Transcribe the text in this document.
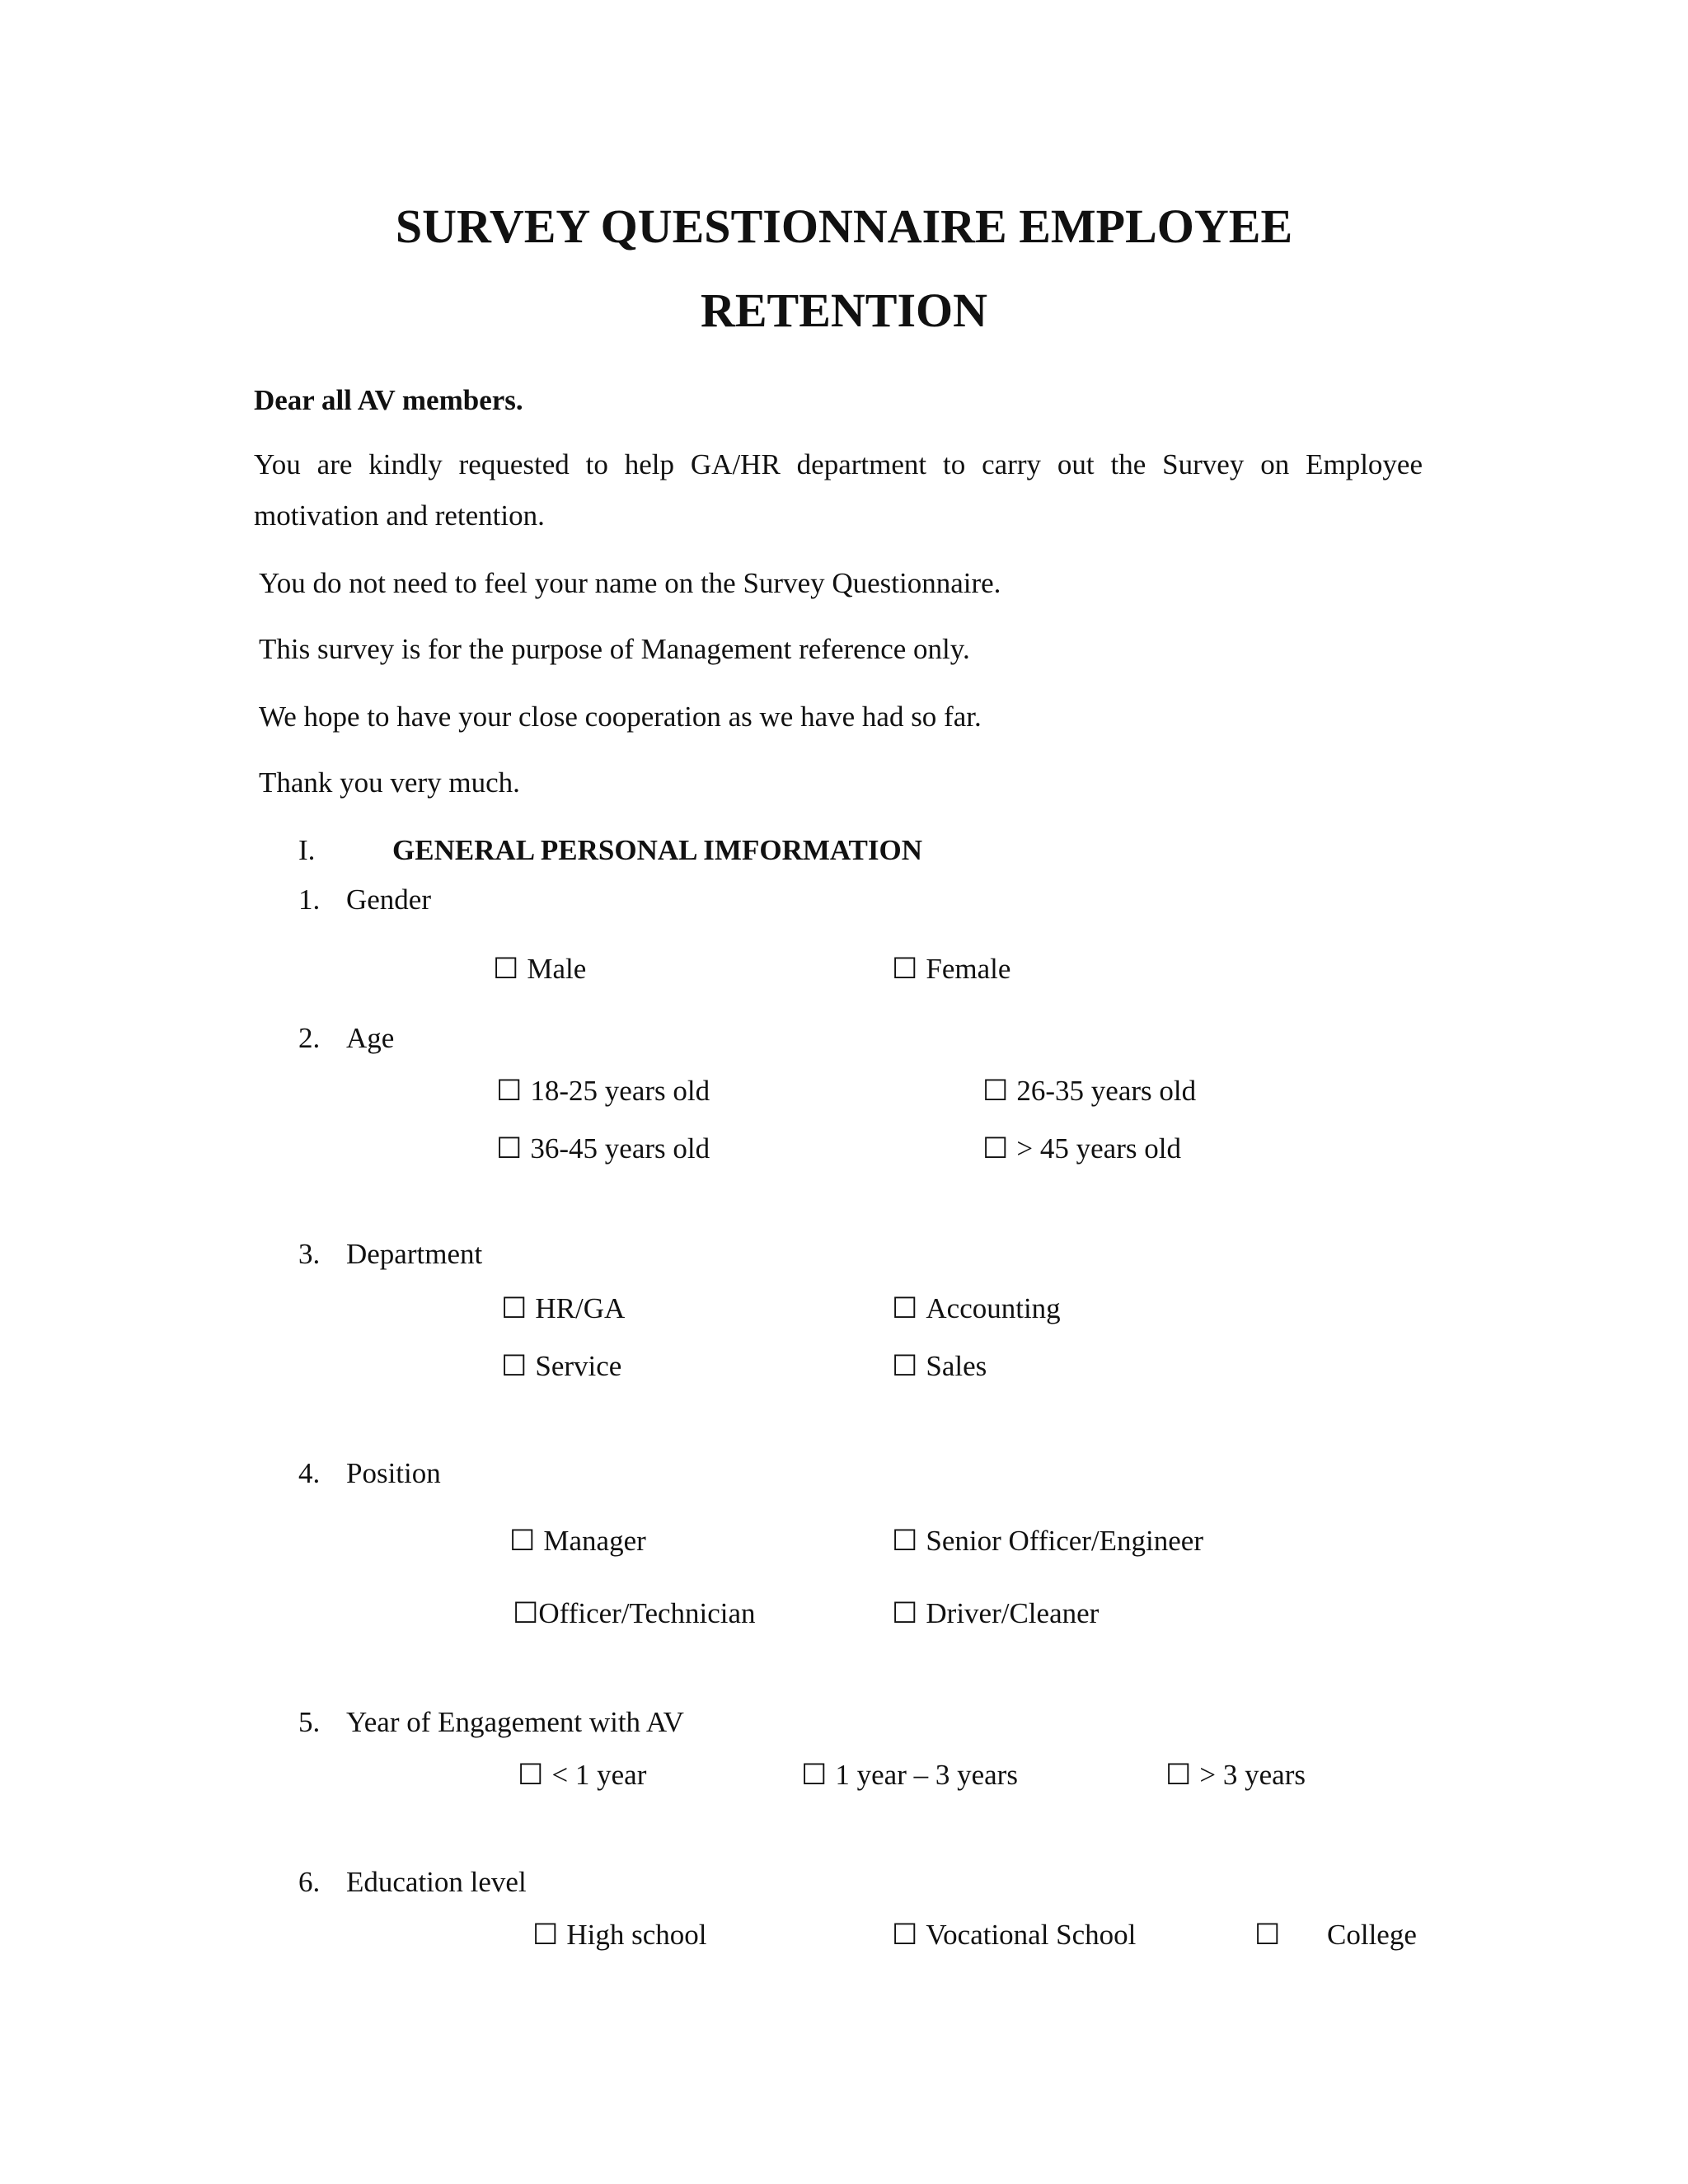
SURVEY QUESTIONNAIRE EMPLOYEE
RETENTION
Dear all AV members.
You are kindly requested to help GA/HR department to carry out the Survey on Employee
motivation and retention.
You do not need to feel your name on the Survey Questionnaire.
This survey is for the purpose of Management reference only.
We hope to have your close cooperation as we have had so far.
Thank you very much.
I.	GENERAL PERSONAL IMFORMATION
1. Gender
☐ Male	☐ Female
2. Age
☐ 18-25 years old	☐ 26-35 years old
☐ 36-45 years old	☐ > 45 years old
3. Department
☐ HR/GA	☐ Accounting
☐ Service	☐ Sales
4. Position
☐ Manager	☐ Senior Officer/Engineer
☐Officer/Technician	☐ Driver/Cleaner
5. Year of Engagement with AV
☐ < 1 year	☐ 1 year – 3 years	☐ > 3 years
6. Education level
☐ High school	☐ Vocational School	☐ College
